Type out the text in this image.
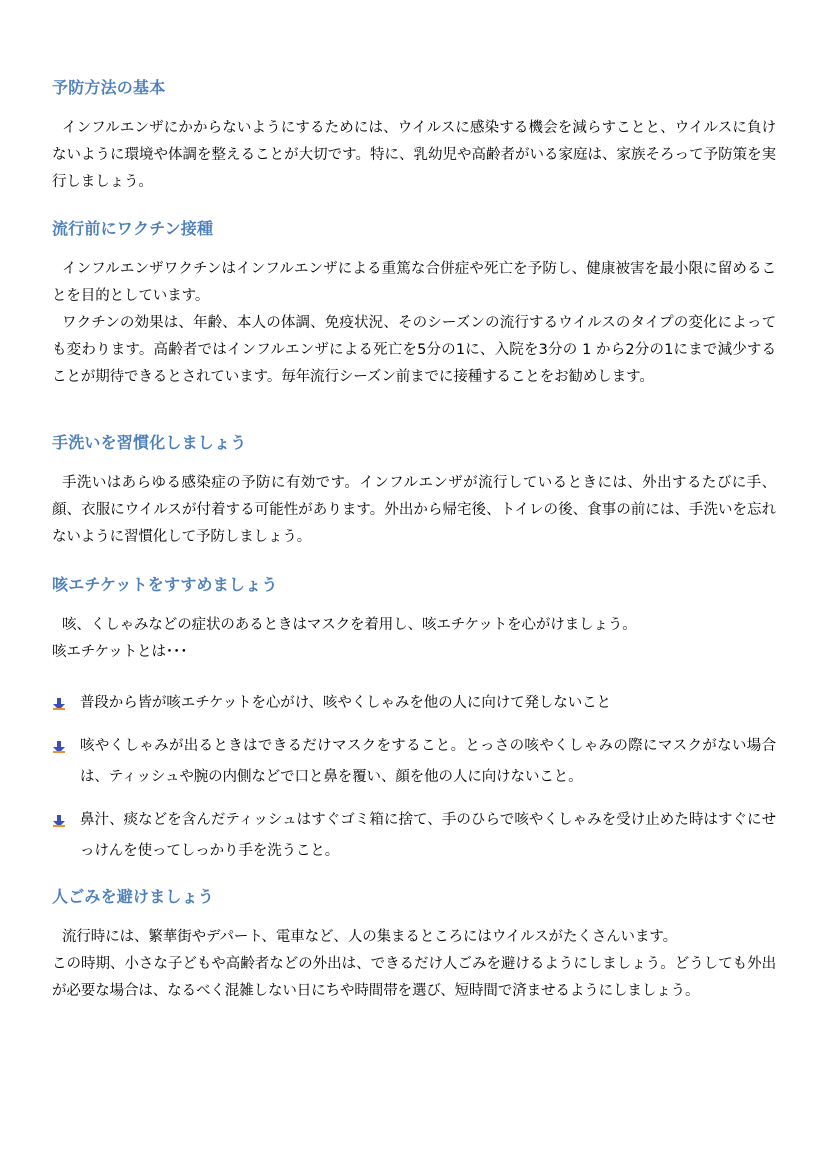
予防方法の基本

インフルエンザにかからないようにするためには、ウイルスに感染する機会を減らすことと、ウイルスに負けないように環境や体調を整えることが大切です。特に、乳幼児や高齢者がいる家庭は、家族そろって予防策を実行しましょう。

流行前にワクチン接種

インフルエンザワクチンはインフルエンザによる重篤な合併症や死亡を予防し、健康被害を最小限に留めることを目的としています。

ワクチンの効果は、年齢、本人の体調、免疫状況、そのシーズンの流行するウイルスのタイプの変化によっても変わります。高齢者ではインフルエンザによる死亡を5分の1に、入院を3分の 1 から2分の1にまで減少することが期待できるとされています。毎年流行シーズン前までに接種することをお勧めします。

手洗いを習慣化しましょう

手洗いはあらゆる感染症の予防に有効です。インフルエンザが流行しているときには、外出するたびに手、顔、衣服にウイルスが付着する可能性があります。外出から帰宅後、トイレの後、食事の前には、手洗いを忘れないように習慣化して予防しましょう。

咳エチケットをすすめましょう

咳、くしゃみなどの症状のあるときはマスクを着用し、咳エチケットを心がけましょう。

咳エチケットとは･･･

普段から皆が咳エチケットを心がけ、咳やくしゃみを他の人に向けて発しないこと
咳やくしゃみが出るときはできるだけマスクをすること。とっさの咳やくしゃみの際にマスクがない場合は、ティッシュや腕の内側などで口と鼻を覆い、顔を他の人に向けないこと。
鼻汁、痰などを含んだティッシュはすぐゴミ箱に捨て、手のひらで咳やくしゃみを受け止めた時はすぐにせっけんを使ってしっかり手を洗うこと。
人ごみを避けましょう

流行時には、繁華街やデパート、電車など、人の集まるところにはウイルスがたくさんいます。

この時期、小さな子どもや高齢者などの外出は、できるだけ人ごみを避けるようにしましょう。どうしても外出が必要な場合は、なるべく混雑しない日にちや時間帯を選び、短時間で済ませるようにしましょう。
